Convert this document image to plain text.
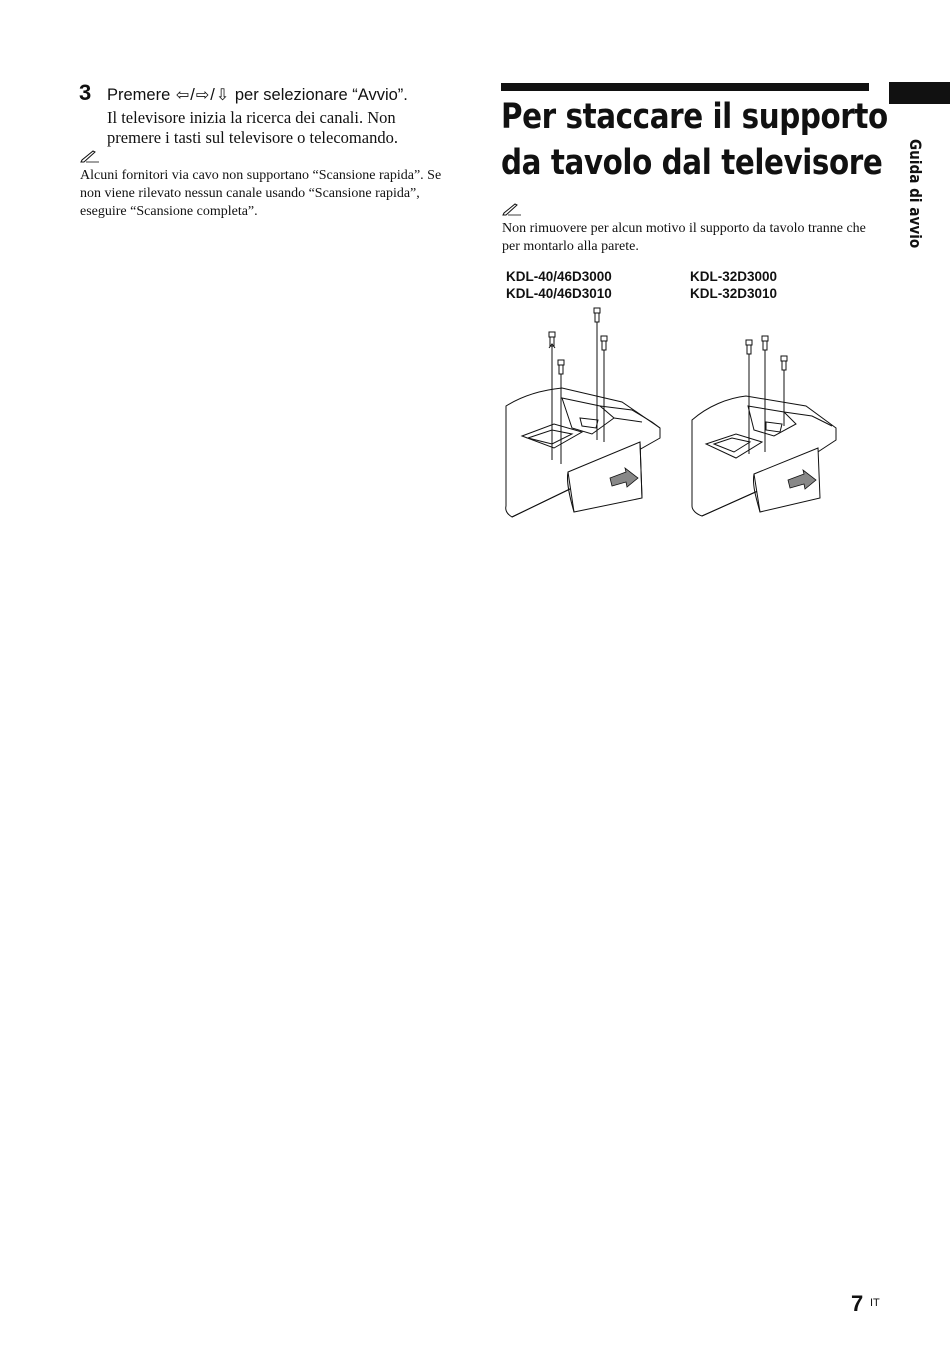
3 Premere ⇦/⇨/⇩ per selezionare “Avvio”.
Il televisore inizia la ricerca dei canali. Non premere i tasti sul televisore o telecomando.
Alcuni fornitori via cavo non supportano “Scansione rapida”. Se non viene rilevato nessun canale usando “Scansione rapida”, eseguire “Scansione completa”.
Per staccare il supporto
da tavolo dal televisore
Non rimuovere per alcun motivo il supporto da tavolo tranne che per montarlo alla parete.
KDL-40/46D3000
KDL-40/46D3010
KDL-32D3000
KDL-32D3010
Guida di avvio
7 IT
